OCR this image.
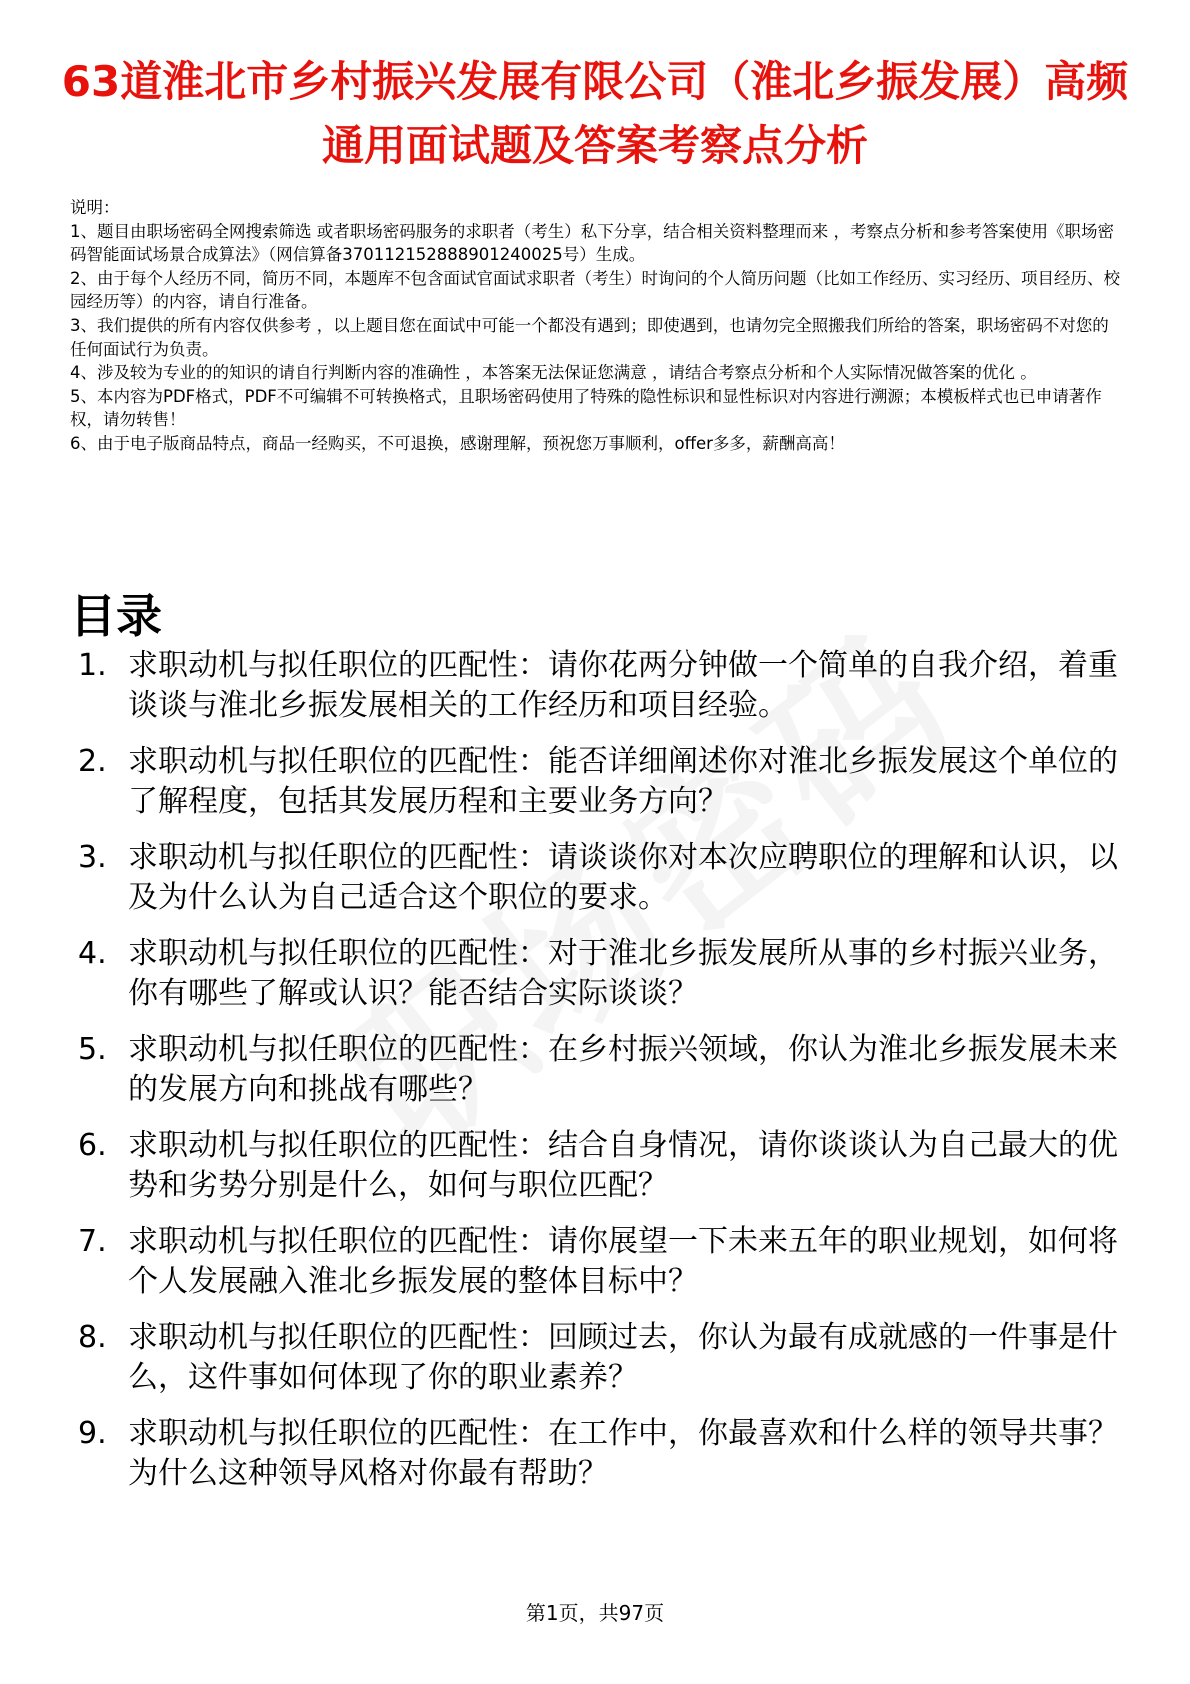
63道淮北市乡村振兴发展有限公司（淮北乡振发展）高频通用面试题及答案考察点分析

说明：

1、题目由职场密码全网搜索筛选 或者职场密码服务的求职者（考生）私下分享，结合相关资料整理而来 ，考察点分析和参考答案使用《职场密码智能面试场景合成算法》（网信算备370112152888901240025号）生成。

2、由于每个人经历不同，简历不同，本题库不包含面试官面试求职者（考生）时询问的个人简历问题（比如工作经历、实习经历、项目经历、校园经历等）的内容，请自行准备。

3、我们提供的所有内容仅供参考 ，以上题目您在面试中可能一个都没有遇到；即使遇到，也请勿完全照搬我们所给的答案，职场密码不对您的任何面试行为负责。

4、涉及较为专业的的知识的请自行判断内容的准确性 ，本答案无法保证您满意 ，请结合考察点分析和个人实际情况做答案的优化 。

5、本内容为PDF格式，PDF不可编辑不可转换格式，且职场密码使用了特殊的隐性标识和显性标识对内容进行溯源；本模板样式也已申请著作权，请勿转售！

6、由于电子版商品特点，商品一经购买，不可退换，感谢理解，预祝您万事顺利，offer多多，薪酬高高！

目录
1. 求职动机与拟任职位的匹配性：请你花两分钟做一个简单的自我介绍，着重谈谈与淮北乡振发展相关的工作经历和项目经验。
2. 求职动机与拟任职位的匹配性：能否详细阐述你对淮北乡振发展这个单位的了解程度，包括其发展历程和主要业务方向？
3. 求职动机与拟任职位的匹配性：请谈谈你对本次应聘职位的理解和认识，以及为什么认为自己适合这个职位的要求。
4. 求职动机与拟任职位的匹配性：对于淮北乡振发展所从事的乡村振兴业务，你有哪些了解或认识？能否结合实际谈谈？
5. 求职动机与拟任职位的匹配性：在乡村振兴领域，你认为淮北乡振发展未来的发展方向和挑战有哪些？
6. 求职动机与拟任职位的匹配性：结合自身情况，请你谈谈认为自己最大的优势和劣势分别是什么，如何与职位匹配？
7. 求职动机与拟任职位的匹配性：请你展望一下未来五年的职业规划，如何将个人发展融入淮北乡振发展的整体目标中？
8. 求职动机与拟任职位的匹配性：回顾过去，你认为最有成就感的一件事是什么，这件事如何体现了你的职业素养？
9. 求职动机与拟任职位的匹配性：在工作中，你最喜欢和什么样的领导共事？为什么这种领导风格对你最有帮助？
第1页，共97页
